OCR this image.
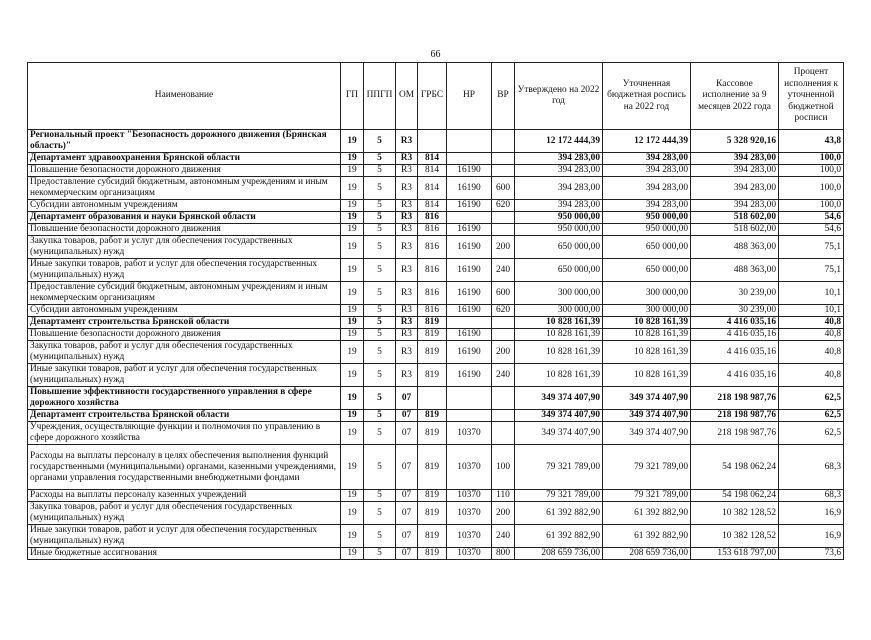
66
Наименование	ГП	ППГП	ОМ	ГРБС	НР	ВР	Утверждено на 2022 год	Уточненная бюджетная роспись на 2022 год	Кассовое исполнение за 9 месяцев 2022 года	Процент исполнения к уточненной бюджетной росписи
Региональный проект "Безопасность дорожного движения (Брянская область)"	19	5	R3				12 172 444,39	12 172 444,39	5 328 920,16	43,8
Департамент здравоохранения Брянской области	19	5	R3	814			394 283,00	394 283,00	394 283,00	100,0
Повышение безопасности дорожного движения	19	5	R3	814	16190		394 283,00	394 283,00	394 283,00	100,0
Предоставление субсидий бюджетным, автономным учреждениям и иным некоммерческим организациям	19	5	R3	814	16190	600	394 283,00	394 283,00	394 283,00	100,0
Субсидии автономным учреждениям	19	5	R3	814	16190	620	394 283,00	394 283,00	394 283,00	100,0
Департамент образования и науки Брянской области	19	5	R3	816			950 000,00	950 000,00	518 602,00	54,6
Повышение безопасности дорожного движения	19	5	R3	816	16190		950 000,00	950 000,00	518 602,00	54,6
Закупка товаров, работ и услуг для обеспечения государственных (муниципальных) нужд	19	5	R3	816	16190	200	650 000,00	650 000,00	488 363,00	75,1
Иные закупки товаров, работ и услуг для обеспечения государственных (муниципальных) нужд	19	5	R3	816	16190	240	650 000,00	650 000,00	488 363,00	75,1
Предоставление субсидий бюджетным, автономным учреждениям и иным некоммерческим организациям	19	5	R3	816	16190	600	300 000,00	300 000,00	30 239,00	10,1
Субсидии автономным учреждениям	19	5	R3	816	16190	620	300 000,00	300 000,00	30 239,00	10,1
Департамент строительства Брянской области	19	5	R3	819			10 828 161,39	10 828 161,39	4 416 035,16	40,8
Повышение безопасности дорожного движения	19	5	R3	819	16190		10 828 161,39	10 828 161,39	4 416 035,16	40,8
Закупка товаров, работ и услуг для обеспечения государственных (муниципальных) нужд	19	5	R3	819	16190	200	10 828 161,39	10 828 161,39	4 416 035,16	40,8
Иные закупки товаров, работ и услуг для обеспечения государственных (муниципальных) нужд	19	5	R3	819	16190	240	10 828 161,39	10 828 161,39	4 416 035,16	40,8
Повышение эффективности государственного управления в сфере дорожного хозяйства	19	5	07				349 374 407,90	349 374 407,90	218 198 987,76	62,5
Департамент строительства Брянской области	19	5	07	819			349 374 407,90	349 374 407,90	218 198 987,76	62,5
Учреждения, осуществляющие функции и полномочия по управлению в сфере дорожного хозяйства	19	5	07	819	10370		349 374 407,90	349 374 407,90	218 198 987,76	62,5
Расходы на выплаты персоналу в целях обеспечения выполнения функций государственными (муниципальными) органами, казенными учреждениями, органами управления государственными внебюджетными фондами	19	5	07	819	10370	100	79 321 789,00	79 321 789,00	54 198 062,24	68,3
Расходы на выплаты персоналу казенных учреждений	19	5	07	819	10370	110	79 321 789,00	79 321 789,00	54 198 062,24	68,3
Закупка товаров, работ и услуг для обеспечения государственных (муниципальных) нужд	19	5	07	819	10370	200	61 392 882,90	61 392 882,90	10 382 128,52	16,9
Иные закупки товаров, работ и услуг для обеспечения государственных (муниципальных) нужд	19	5	07	819	10370	240	61 392 882,90	61 392 882,90	10 382 128,52	16,9
Иные бюджетные ассигнования	19	5	07	819	10370	800	208 659 736,00	208 659 736,00	153 618 797,00	73,6
